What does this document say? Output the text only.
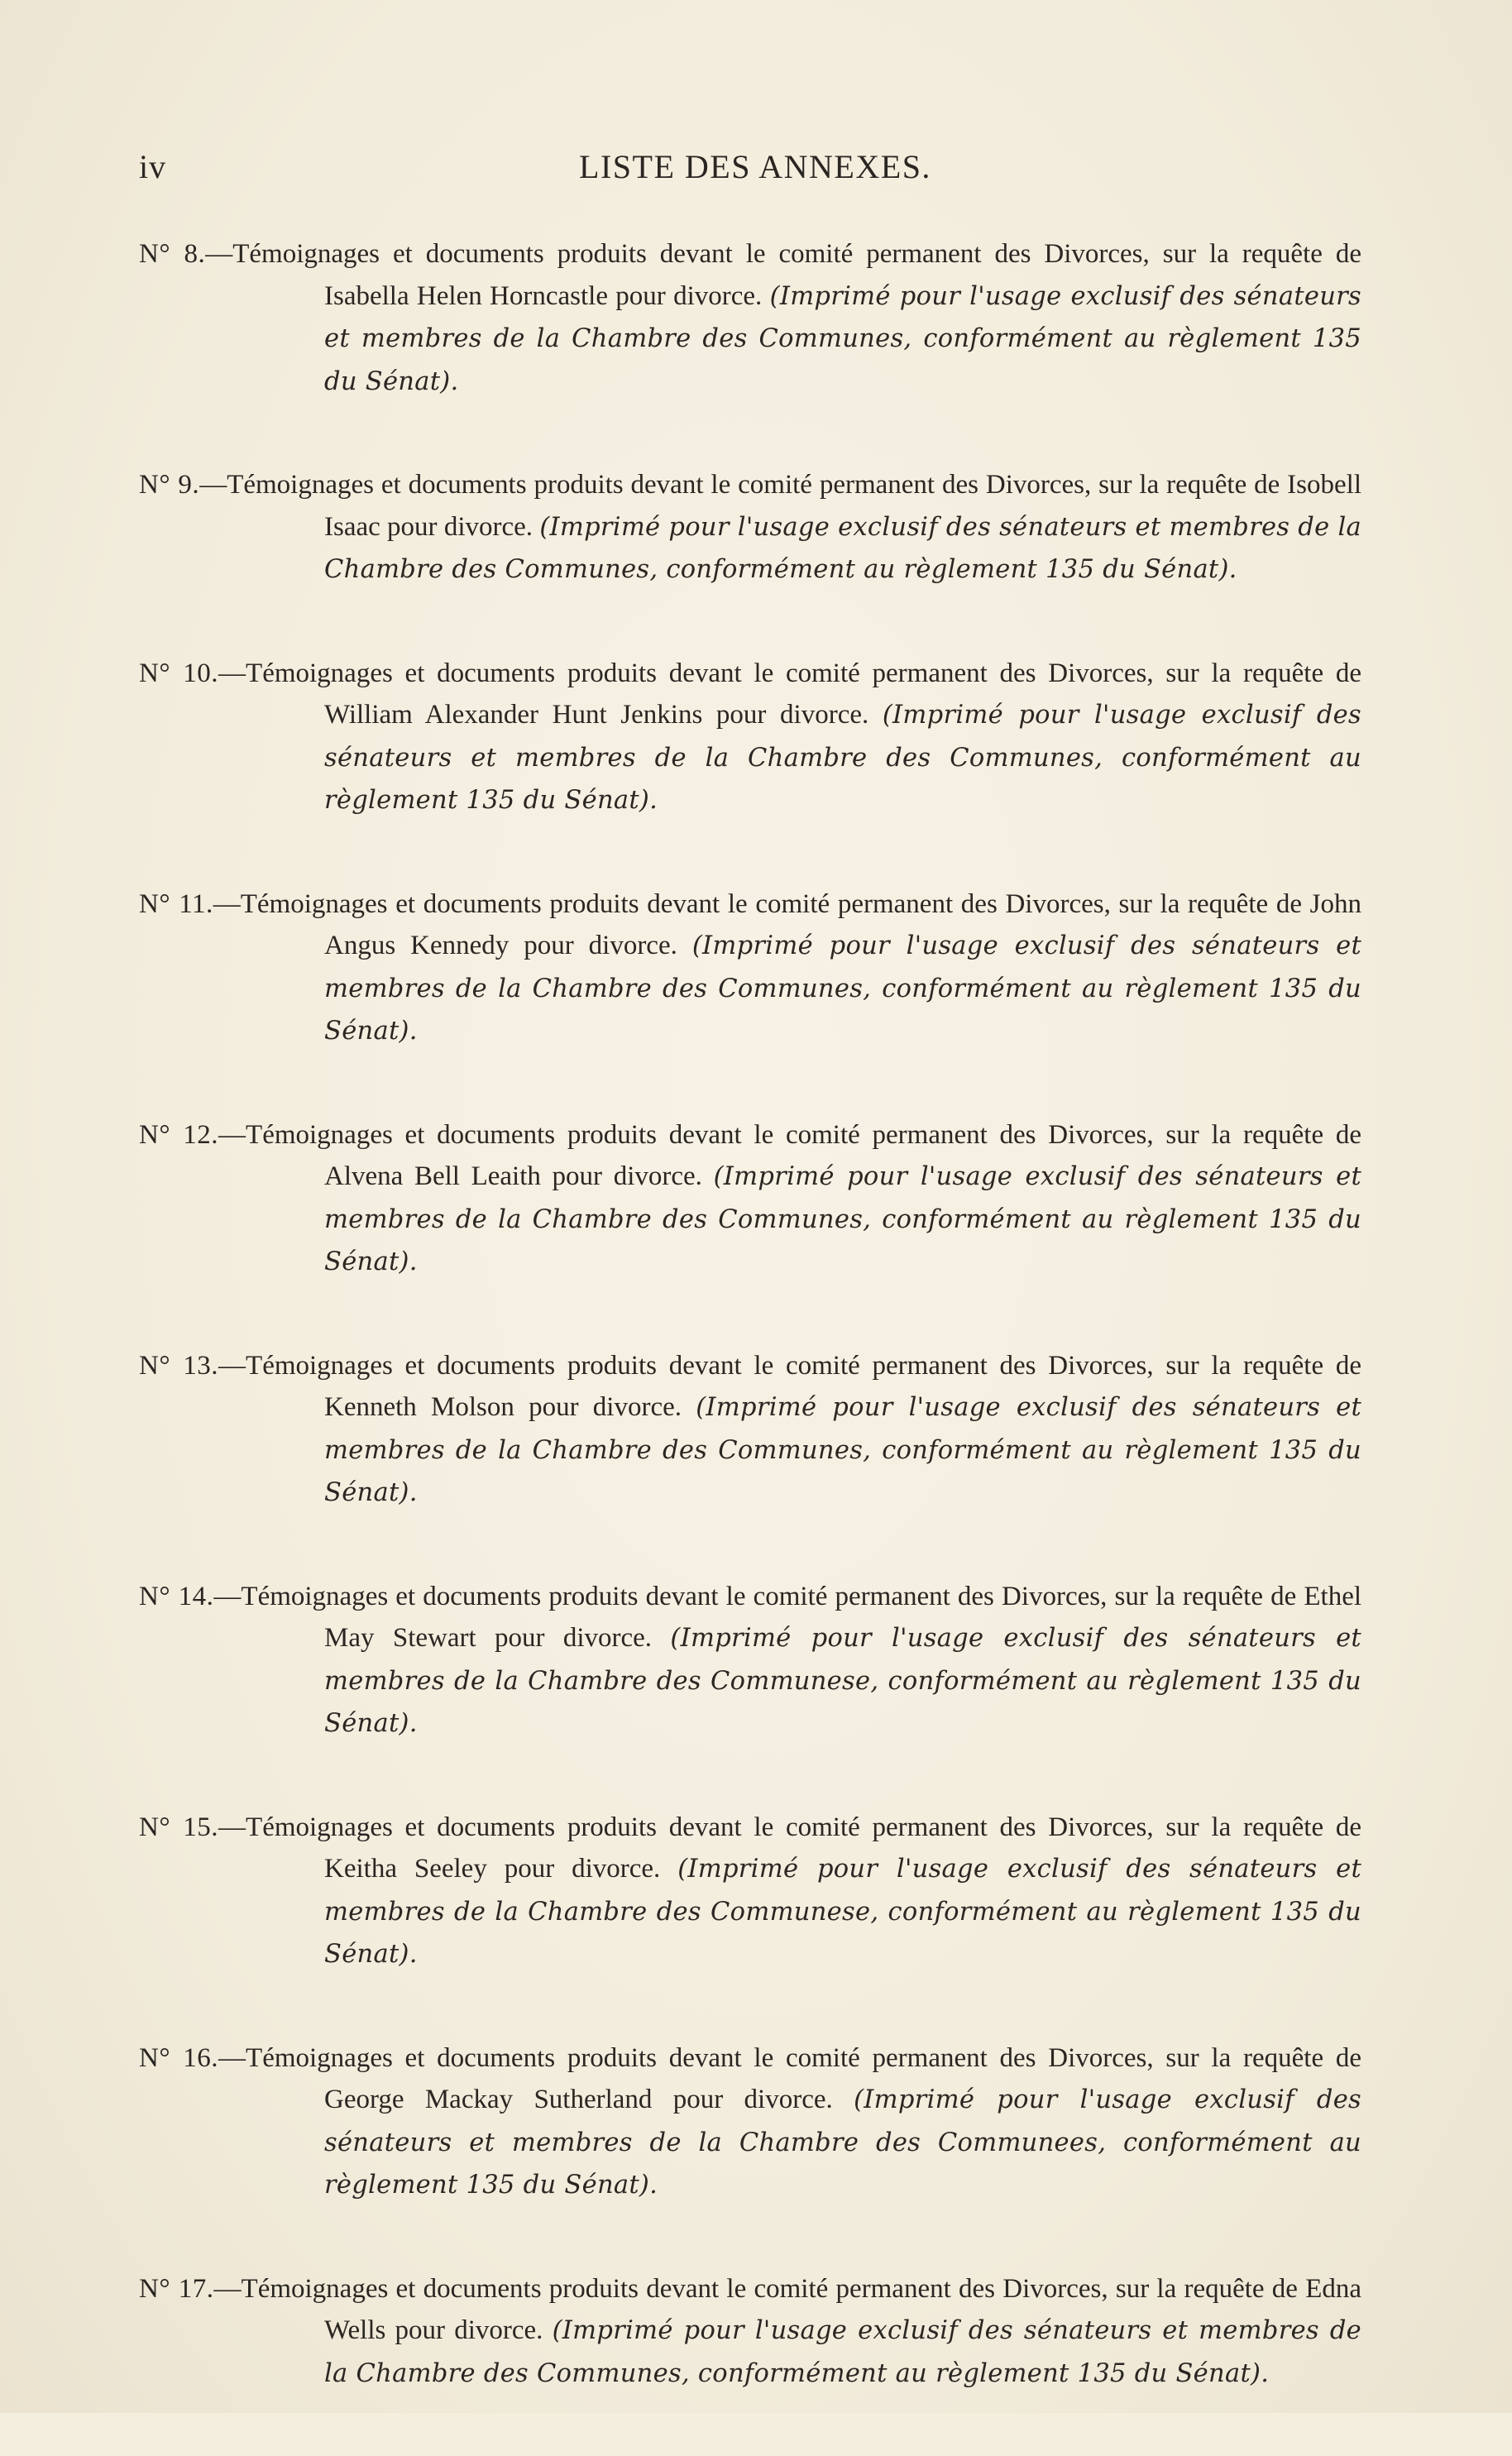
iv	LISTE DES ANNEXES.

N° 8.—Témoignages et documents produits devant le comité permanent des Divorces, sur la requête de Isabella Helen Horncastle pour divorce. (Imprimé pour l'usage exclusif des sénateurs et membres de la Chambre des Communes, conformément au règlement 135 du Sénat).

N° 9.—Témoignages et documents produits devant le comité permanent des Divorces, sur la requête de Isobell Isaac pour divorce. (Imprimé pour l'usage exclusif des sénateurs et membres de la Chambre des Communes, conformément au règlement 135 du Sénat).

N° 10.—Témoignages et documents produits devant le comité permanent des Divorces, sur la requête de William Alexander Hunt Jenkins pour divorce. (Imprimé pour l'usage exclusif des sénateurs et membres de la Chambre des Communes, conformément au règlement 135 du Sénat).

N° 11.—Témoignages et documents produits devant le comité permanent des Divorces, sur la requête de John Angus Kennedy pour divorce. (Imprimé pour l'usage exclusif des sénateurs et membres de la Chambre des Communes, conformément au règlement 135 du Sénat).

N° 12.—Témoignages et documents produits devant le comité permanent des Divorces, sur la requête de Alvena Bell Leaith pour divorce. (Imprimé pour l'usage exclusif des sénateurs et membres de la Chambre des Communes, conformément au règlement 135 du Sénat).

N° 13.—Témoignages et documents produits devant le comité permanent des Divorces, sur la requête de Kenneth Molson pour divorce. (Imprimé pour l'usage exclusif des sénateurs et membres de la Chambre des Communes, conformément au règlement 135 du Sénat).

N° 14.—Témoignages et documents produits devant le comité permanent des Divorces, sur la requête de Ethel May Stewart pour divorce. (Imprimé pour l'usage exclusif des sénateurs et membres de la Chambre des Communese, conformément au règlement 135 du Sénat).

N° 15.—Témoignages et documents produits devant le comité permanent des Divorces, sur la requête de Keitha Seeley pour divorce. (Imprimé pour l'usage exclusif des sénateurs et membres de la Chambre des Communese, conformément au règlement 135 du Sénat).

N° 16.—Témoignages et documents produits devant le comité permanent des Divorces, sur la requête de George Mackay Sutherland pour divorce. (Imprimé pour l'usage exclusif des sénateurs et membres de la Chambre des Communees, conformément au règlement 135 du Sénat).

N° 17.—Témoignages et documents produits devant le comité permanent des Divorces, sur la requête de Edna Wells pour divorce. (Imprimé pour l'usage exclusif des sénateurs et membres de la Chambre des Communes, conformément au règlement 135 du Sénat).
